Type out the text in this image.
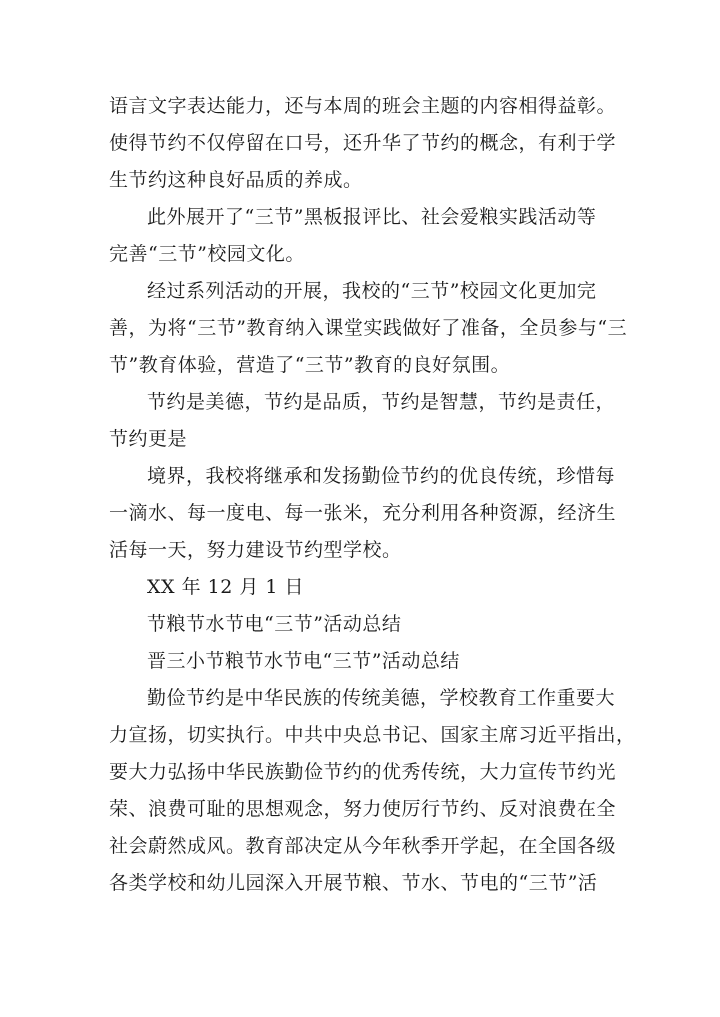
语言文字表达能力，还与本周的班会主题的内容相得益彰。
使得节约不仅停留在口号，还升华了节约的概念，有利于学
生节约这种良好品质的养成。
此外展开了“三节”黑板报评比、社会爱粮实践活动等
完善“三节”校园文化。
经过系列活动的开展，我校的“三节”校园文化更加完
善，为将“三节”教育纳入课堂实践做好了准备，全员参与“三
节”教育体验，营造了“三节”教育的良好氛围。
节约是美德，节约是品质，节约是智慧，节约是责任，
节约更是
境界，我校将继承和发扬勤俭节约的优良传统，珍惜每
一滴水、每一度电、每一张米，充分利用各种资源，经济生
活每一天，努力建设节约型学校。
XX 年 12 月 1 日
节粮节水节电“三节”活动总结
晋三小节粮节水节电“三节”活动总结
勤俭节约是中华民族的传统美德，学校教育工作重要大
力宣扬，切实执行。中共中央总书记、国家主席习近平指出，
要大力弘扬中华民族勤俭节约的优秀传统，大力宣传节约光
荣、浪费可耻的思想观念，努力使厉行节约、反对浪费在全
社会蔚然成风。教育部决定从今年秋季开学起，在全国各级
各类学校和幼儿园深入开展节粮、节水、节电的“三节”活
